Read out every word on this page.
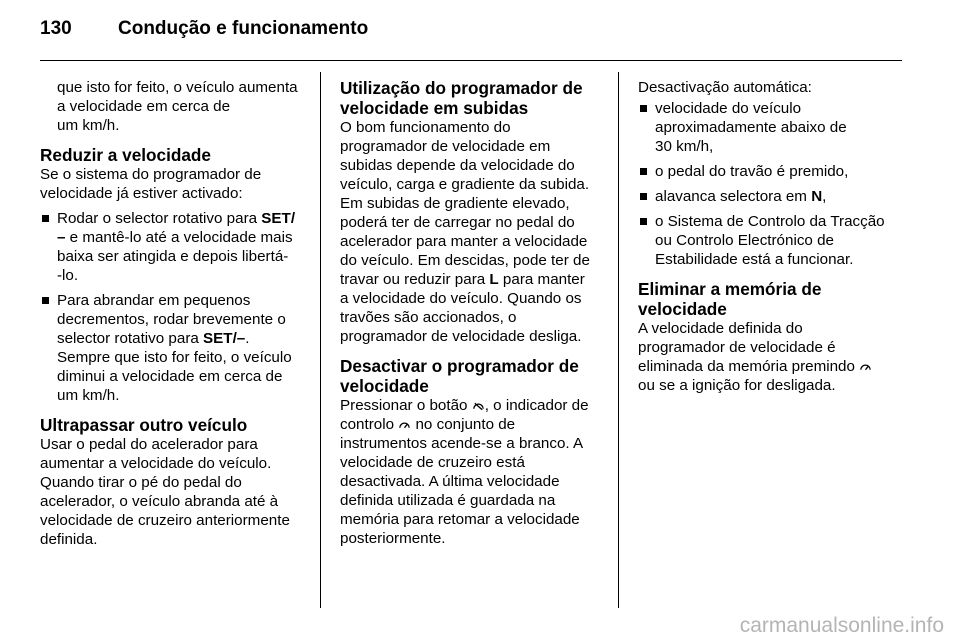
130 Condução e funcionamento
que isto for feito, o veículo aumenta
a velocidade em cerca de
um km/h.
Reduzir a velocidade
Se o sistema do programador de
velocidade já estiver activado:
Rodar o selector rotativo para SET/
– e mantê-lo até a velocidade mais
baixa ser atingida e depois libertá-
-lo.
Para abrandar em pequenos
decrementos, rodar brevemente o
selector rotativo para SET/–.
Sempre que isto for feito, o veículo
diminui a velocidade em cerca de
um km/h.
Ultrapassar outro veículo
Usar o pedal do acelerador para
aumentar a velocidade do veículo.
Quando tirar o pé do pedal do
acelerador, o veículo abranda até à
velocidade de cruzeiro anteriormente
definida.
Utilização do programador de
velocidade em subidas
O bom funcionamento do
programador de velocidade em
subidas depende da velocidade do
veículo, carga e gradiente da subida.
Em subidas de gradiente elevado,
poderá ter de carregar no pedal do
acelerador para manter a velocidade
do veículo. Em descidas, pode ter de
travar ou reduzir para L para manter
a velocidade do veículo. Quando os
travões são accionados, o
programador de velocidade desliga.
Desactivar o programador de
velocidade
Pressionar o botão , o indicador de
controlo  no conjunto de
instrumentos acende-se a branco. A
velocidade de cruzeiro está
desactivada. A última velocidade
definida utilizada é guardada na
memória para retomar a velocidade
posteriormente.
Desactivação automática:
velocidade do veículo
aproximadamente abaixo de
30 km/h,
o pedal do travão é premido,
alavanca selectora em N,
o Sistema de Controlo da Tracção
ou Controlo Electrónico de
Estabilidade está a funcionar.
Eliminar a memória de
velocidade
A velocidade definida do
programador de velocidade é
eliminada da memória premindo
ou se a ignição for desligada.
carmanualsonline.info
